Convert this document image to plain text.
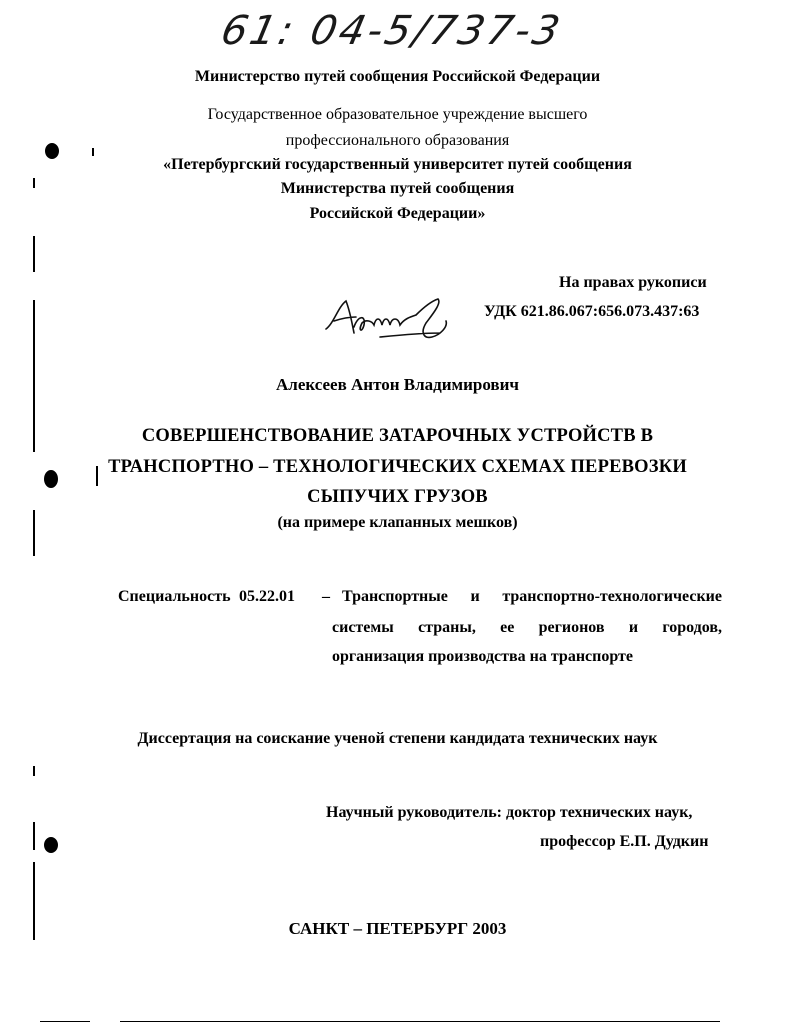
61: 04-5/737-3
Министерство путей сообщения Российской Федерации
Государственное образовательное учреждение высшего
профессионального образования
«Петербургский государственный университет путей сообщения
Министерства путей сообщения
Российской Федерации»
На правах рукописи
УДК 621.86.067:656.073.437:63
Алексеев Антон Владимирович
СОВЕРШЕНСТВОВАНИЕ ЗАТАРОЧНЫХ УСТРОЙСТВ В
ТРАНСПОРТНО – ТЕХНОЛОГИЧЕСКИХ СХЕМАХ ПЕРЕВОЗКИ
СЫПУЧИХ ГРУЗОВ
(на примере клапанных мешков)
Специальность 05.22.01 – Транспортные и транспортно-технологические
системы страны, ее регионов и городов,
организация производства на транспорте
Диссертация на соискание ученой степени кандидата технических наук
Научный руководитель: доктор технических наук,
профессор Е.П. Дудкин
САНКТ – ПЕТЕРБУРГ 2003
